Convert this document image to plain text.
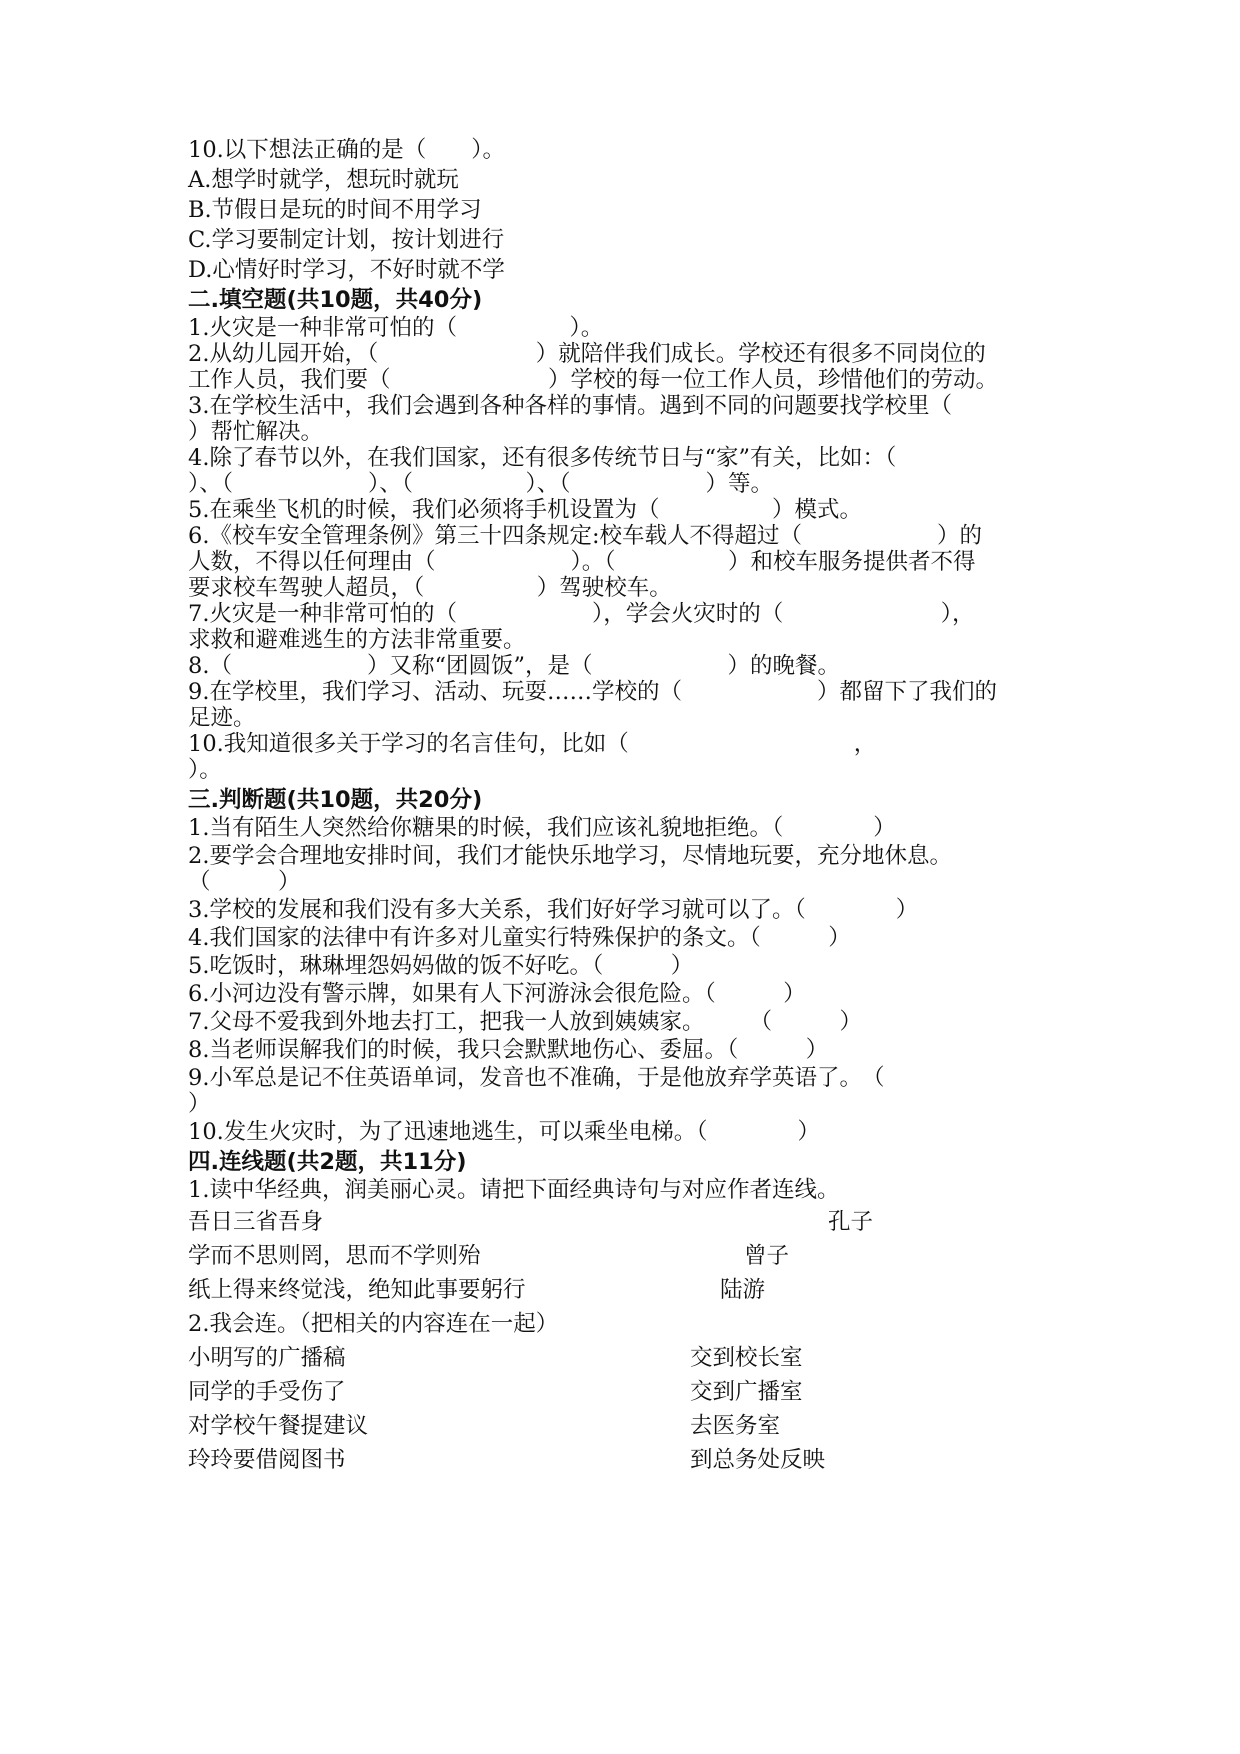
10.以下想法正确的是（　　）。
A.想学时就学，想玩时就玩
B.节假日是玩的时间不用学习
C.学习要制定计划，按计划进行
D.心情好时学习，不好时就不学
二.填空题(共10题，共40分)
1.火灾是一种非常可怕的（　　　　　）。
2.从幼儿园开始，（　　　　　　　）就陪伴我们成长。学校还有很多不同岗位的
工作人员，我们要（　　　　　　　）学校的每一位工作人员，珍惜他们的劳动。
3.在学校生活中，我们会遇到各种各样的事情。遇到不同的问题要找学校里（
）帮忙解决。
4.除了春节以外，在我们国家，还有很多传统节日与“家”有关，比如：（
）、（　　　　　　）、（　　　　　）、（　　　　　　）等。
5.在乘坐飞机的时候，我们必须将手机设置为（　　　　　）模式。
6.《校车安全管理条例》第三十四条规定:校车载人不得超过（　　　　　　）的
人数，不得以任何理由（　　　　　　）。（　　　　　）和校车服务提供者不得
要求校车驾驶人超员，（　　　　　）驾驶校车。
7.火灾是一种非常可怕的（　　　　　　），学会火灾时的（　　　　　　　），
求救和避难逃生的方法非常重要。
8.（　　　　　　）又称“团圆饭”，是（　　　　　　）的晚餐。
9.在学校里，我们学习、活动、玩耍……学校的（　　　　　　）都留下了我们的
足迹。
10.我知道很多关于学习的名言佳句，比如（　　　　　　　　　　，
）。
三.判断题(共10题，共20分)
1.当有陌生人突然给你糖果的时候，我们应该礼貌地拒绝。（　　　　）
2.要学会合理地安排时间，我们才能快乐地学习，尽情地玩要，充分地休息。
（　　　）
3.学校的发展和我们没有多大关系，我们好好学习就可以了。（　　　　）
4.我们国家的法律中有许多对儿童实行特殊保护的条文。（　　　）
5.吃饭时，琳琳埋怨妈妈做的饭不好吃。（　　　）
6.小河边没有警示牌，如果有人下河游泳会很危险。（　　　）
7.父母不爱我到外地去打工，把我一人放到姨姨家。　　　（　　　）
8.当老师误解我们的时候，我只会默默地伤心、委屈。（　　　）
9.小军总是记不住英语单词，发音也不准确，于是他放弃学英语了。　（
）
10.发生火灾时，为了迅速地逃生，可以乘坐电梯。（　　　　）
四.连线题(共2题，共11分)
1.读中华经典，润美丽心灵。请把下面经典诗句与对应作者连线。
吾日三省吾身	孔子
学而不思则罔，思而不学则殆	曾子
纸上得来终觉浅，绝知此事要躬行	陆游
2.我会连。（把相关的内容连在一起）
小明写的广播稿	交到校长室
同学的手受伤了	交到广播室
对学校午餐提建议	去医务室
玲玲要借阅图书	到总务处反映
